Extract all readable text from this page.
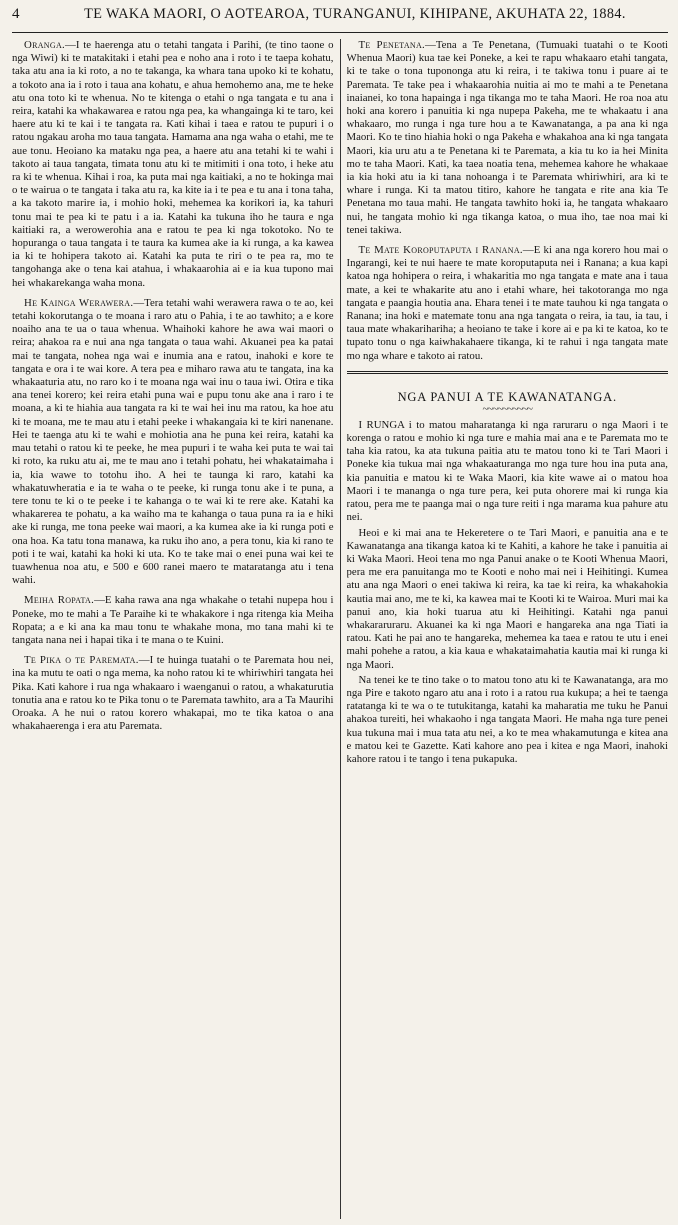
4	TE WAKA MAORI, O AOTEAROA, TURANGANUI, KIHIPANE, AKUHATA 22, 1884.

Oranga.—I te haerenga atu o tetahi tangata i Parihi, (te tino taone o nga Wiwi) ki te matakitaki i etahi pea e noho ana i roto i te taepa kohatu, taka atu ana ia ki roto, a no te takanga, ka whara tana upoko ki te kohatu, a tokoto ana ia i roto i taua ana kohatu, e ahua hemohemo ana, me te heke atu ona toto ki te whenua. No te kitenga o etahi o nga tangata e tu ana i reira, katahi ka whakawarea e ratou nga pea, ka whangainga ki te taro, kei haere atu ki te kai i te tangata ra. Kati kihai i taea e ratou te pupuri i o ratou ngakau aroha mo taua tangata. Hamama ana nga waha o etahi, me te aue tonu. Heoiano ka mataku nga pea, a haere atu ana tetahi ki te wahi i takoto ai taua tangata, timata tonu atu ki te mitimiti i ona toto, i heke atu ra ki te whenua. Kihai i roa, ka puta mai nga kaitiaki, a no te hokinga mai o te wairua o te tangata i taka atu ra, ka kite ia i te pea e tu ana i tona taha, a ka takoto marire ia, i mohio hoki, mehemea ka korikori ia, ka tahuri tonu mai te pea ki te patu i a ia. Katahi ka tukuna iho he taura e nga kaitiaki ra, a werowerohia ana e ratou te pea ki nga tokotoko. No te hopuranga o taua tangata i te taura ka kumea ake ia ki runga, a ka kawea ia ki te hohipera takoto ai. Katahi ka puta te riri o te pea ra, mo te tangohanga ake o tena kai atahua, i whakaarohia ai e ia kua tupono mai hei whakarekanga waha mona.

He Kainga Werawera.—Tera tetahi wahi werawera rawa o te ao, kei tetahi kokorutanga o te moana i raro atu o Pahia, i te ao tawhito; a e kore noaiho ana te ua o taua whenua. Whaihoki kahore he awa wai maori o reira; ahakoa ra e nui ana nga tangata o taua wahi. Akuanei pea ka patai mai te tangata, nohea nga wai e inumia ana e ratou, inahoki e kore te tangata e ora i te wai kore. A tera pea e miharo rawa atu te tangata, ina ka whakaaturia atu, no raro ko i te moana nga wai inu o taua iwi. Otira e tika ana tenei korero; kei reira etahi puna wai e pupu tonu ake ana i raro i te moana, a ki te hiahia aua tangata ra ki te wai hei inu ma ratou, ka hoe atu ki te moana, me te mau atu i etahi peeke i whakangaia ki te kiri nanenane. Hei te taenga atu ki te wahi e mohiotia ana he puna kei reira, katahi ka mau tetahi o ratou ki te peeke, he mea pupuri i te waha kei puta te wai tai ki roto, ka ruku atu ai, me te mau ano i tetahi pohatu, hei whakataimaha i ia, kia wawe to totohu iho. A hei te taunga ki raro, katahi ka whakatuwheratia e ia te waha o te peeke, ki runga tonu ake i te puna, a tere tonu te ki o te peeke i te kahanga o te wai ki te rere ake. Katahi ka whakarerea te pohatu, a ka waiho ma te kahanga o taua puna ra ia e hiki ake ki runga, me tona peeke wai maori, a ka kumea ake ia ki runga poti e ona hoa. Ka tatu tona manawa, ka ruku iho ano, a pera tonu, kia ki rano te poti i te wai, katahi ka hoki ki uta. Ko te take mai o enei puna wai kei te tuawhenua noa atu, e 500 e 600 ranei maero te mataratanga atu i tena wahi.

Meiha Ropata.—E kaha rawa ana nga whakahe o tetahi nupepa hou i Poneke, mo te mahi a Te Paraihe ki te whakakore i nga ritenga kia Meiha Ropata; a e ki ana ka mau tonu te whakahe mona, mo tana mahi ki te tangata nana nei i hapai tika i te mana o te Kuini.

Te Pika o te Paremata.—I te huinga tuatahi o te Paremata hou nei, ina ka mutu te oati o nga mema, ka noho ratou ki te whiriwhiri tangata hei Pika. Kati kahore i rua nga whakaaro i waenganui o ratou, a whakaturutia tonutia ana e ratou ko te Pika tonu o te Paremata tawhito, ara a Ta Maurihi Oroaka. A he nui o ratou korero whakapai, mo te tika katoa o ana whakahaerenga i era atu Paremata.

Te Penetana.—Tena a Te Penetana, (Tumuaki tuatahi o te Kooti Whenua Maori) kua tae kei Poneke, a kei te rapu whakaaro etahi tangata, ki te take o tona tupononga atu ki reira, i te takiwa tonu i puare ai te Paremata. Te take pea i whakaarohia nuitia ai mo te mahi a te Penetana inaianei, ko tona hapainga i nga tikanga mo te taha Maori. He roa noa atu hoki ana korero i panuitia ki nga nupepa Pakeha, me te whakaatu i ana whakaaro, mo runga i nga ture hou a te Kawanatanga, a pa ana ki nga Maori. Ko te tino hiahia hoki o nga Pakeha e whakahoa ana ki nga tangata Maori, kia uru atu a te Penetana ki te Paremata, a kia tu ko ia hei Minita mo te taha Maori. Kati, ka taea noatia tena, mehemea kahore he whakaae ia kia hoki atu ia ki tana nohoanga i te Paremata whiriwhiri, ara ki te whare i runga. Ki ta matou titiro, kahore he tangata e rite ana kia Te Penetana mo taua mahi. He tangata tawhito hoki ia, he tangata whakaaro nui, he tangata mohio ki nga tikanga katoa, o mua iho, tae noa mai ki tenei takiwa.

Te Mate Koroputaputa i Ranana.—E ki ana nga korero hou mai o Ingarangi, kei te nui haere te mate koroputaputa nei i Ranana; a kua kapi katoa nga hohipera o reira, i whakaritia mo nga tangata e mate ana i taua mate, a kei te whakarite atu ano i etahi whare, hei takotoranga mo nga tangata e paangia houtia ana. Ehara tenei i te mate tauhou ki nga tangata o Ranana; ina hoki e matemate tonu ana nga tangata o reira, ia tau, ia tau, i taua mate whakarihariha; a heoiano te take i kore ai e pa ki te katoa, ko te tupato tonu o nga kaiwhakahaere tikanga, ki te rahui i nga tangata mate mo nga whare e takoto ai ratou.

NGA PANUI A TE KAWANATANGA.
~~~~~~~~~~

I RUNGA i to matou maharatanga ki nga raruraru o nga Maori i te korenga o ratou e mohio ki nga ture e mahia mai ana e te Paremata mo te taha kia ratou, ka ata tukuna paitia atu te matou tono ki te Tari Maori i Poneke kia tukua mai nga whakaaturanga mo nga ture hou ina puta ana, kia panuitia e matou ki te Waka Maori, kia kite wawe ai o matou hoa Maori i te mananga o nga ture pera, kei puta ohorere mai ki runga kia ratou, pera me te paanga mai o nga ture reiti i nga marama kua pahure atu nei.

Heoi e ki mai ana te Hekeretere o te Tari Maori, e panuitia ana e te Kawanatanga ana tikanga katoa ki te Kahiti, a kahore he take i panuitia ai ki Waka Maori. Heoi tena mo nga Panui anake o te Kooti Whenua Maori, pera me era panuitanga mo te Kooti e noho mai nei i Heihitingi. Kumea atu ana nga Maori o enei takiwa ki reira, ka tae ki reira, ka whakahokia kautia mai ano, me te ki, ka kawea mai te Kooti ki te Wairoa. Muri mai ka panui ano, kia hoki tuarua atu ki Heihitingi. Katahi nga panui whakararuraru. Akuanei ka ki nga Maori e hangareka ana nga Tiati ia ratou. Kati he pai ano te hangareka, mehemea ka taea e ratou te utu i enei mahi pohehe a ratou, a kia kaua e whakataimahatia kautia mai ki runga ki nga Maori.

Na tenei ke te tino take o to matou tono atu ki te Kawanatanga, ara mo nga Pire e takoto ngaro atu ana i roto i a ratou rua kukupa; a hei te taenga ratatanga ki te wa o te tutukitanga, katahi ka maharatia me tuku he Panui ahakoa tureiti, hei whakaoho i nga tangata Maori. He maha nga ture penei kua tukuna mai i mua tata atu nei, a ko te mea whakamutunga e kitea ana e matou kei te Gazette. Kati kahore ano pea i kitea e nga Maori, inahoki kahore ratou i te tango i tena pukapuka.
